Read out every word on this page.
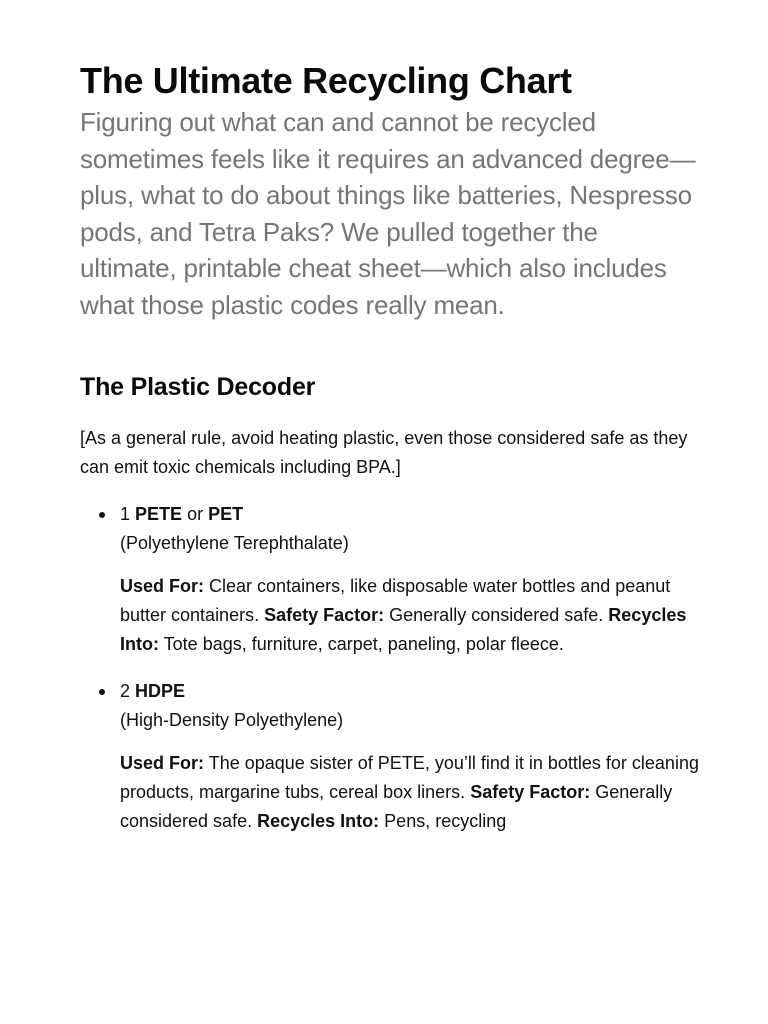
The Ultimate Recycling Chart

Figuring out what can and cannot be recycled sometimes feels like it requires an advanced degree—plus, what to do about things like batteries, Nespresso pods, and Tetra Paks? We pulled together the ultimate, printable cheat sheet—which also includes what those plastic codes really mean.

The Plastic Decoder

[As a general rule, avoid heating plastic, even those considered safe as they can emit toxic chemicals including BPA.]

1 PETE or PET
(Polyethylene Terephthalate)
Used For: Clear containers, like disposable water bottles and peanut butter containers. Safety Factor: Generally considered safe. Recycles Into: Tote bags, furniture, carpet, paneling, polar fleece.
2 HDPE
(High-Density Polyethylene)
Used For: The opaque sister of PETE, you’ll find it in bottles for cleaning products, margarine tubs, cereal box liners. Safety Factor: Generally considered safe. Recycles Into: Pens, recycling
